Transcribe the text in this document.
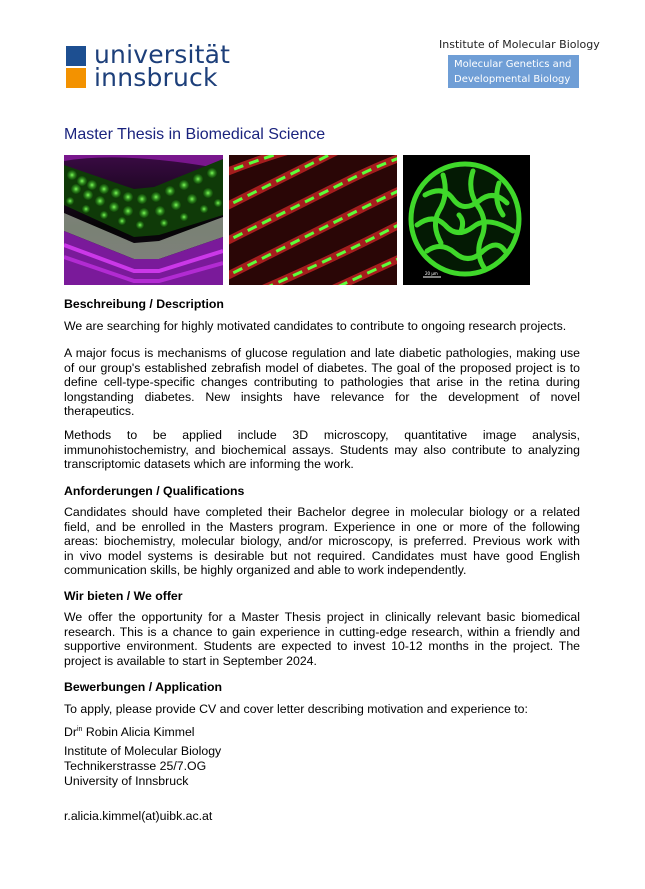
universität
innsbruck
Institute of Molecular Biology
Molecular Genetics and
Developmental Biology
Master Thesis in Biomedical Science
20 µm
Beschreibung / Description
We are searching for highly motivated candidates to contribute to ongoing research projects.
A major focus is mechanisms of glucose regulation and late diabetic pathologies, making use
of our group's established zebrafish model of diabetes. The goal of the proposed project is to
define cell-type-specific changes contributing to pathologies that arise in the retina during
longstanding diabetes. New insights have relevance for the development of novel
therapeutics.
Methods to be applied include 3D microscopy, quantitative image analysis,
immunohistochemistry, and biochemical assays. Students may also contribute to analyzing
transcriptomic datasets which are informing the work.
Anforderungen / Qualifications
Candidates should have completed their Bachelor degree in molecular biology or a related
field, and be enrolled in the Masters program. Experience in one or more of the following
areas: biochemistry, molecular biology, and/or microscopy, is preferred. Previous work with
in vivo model systems is desirable but not required. Candidates must have good English
communication skills, be highly organized and able to work independently.
Wir bieten / We offer
We offer the opportunity for a Master Thesis project in clinically relevant basic biomedical
research. This is a chance to gain experience in cutting-edge research, within a friendly and
supportive environment. Students are expected to invest 10-12 months in the project. The
project is available to start in September 2024.
Bewerbungen / Application
To apply, please provide CV and cover letter describing motivation and experience to:
$Dr^{in}$ Robin Alicia Kimmel
Institute of Molecular Biology
Technikerstrasse 25/7.OG
University of Innsbruck
r.alicia.kimmel(at)uibk.ac.at
